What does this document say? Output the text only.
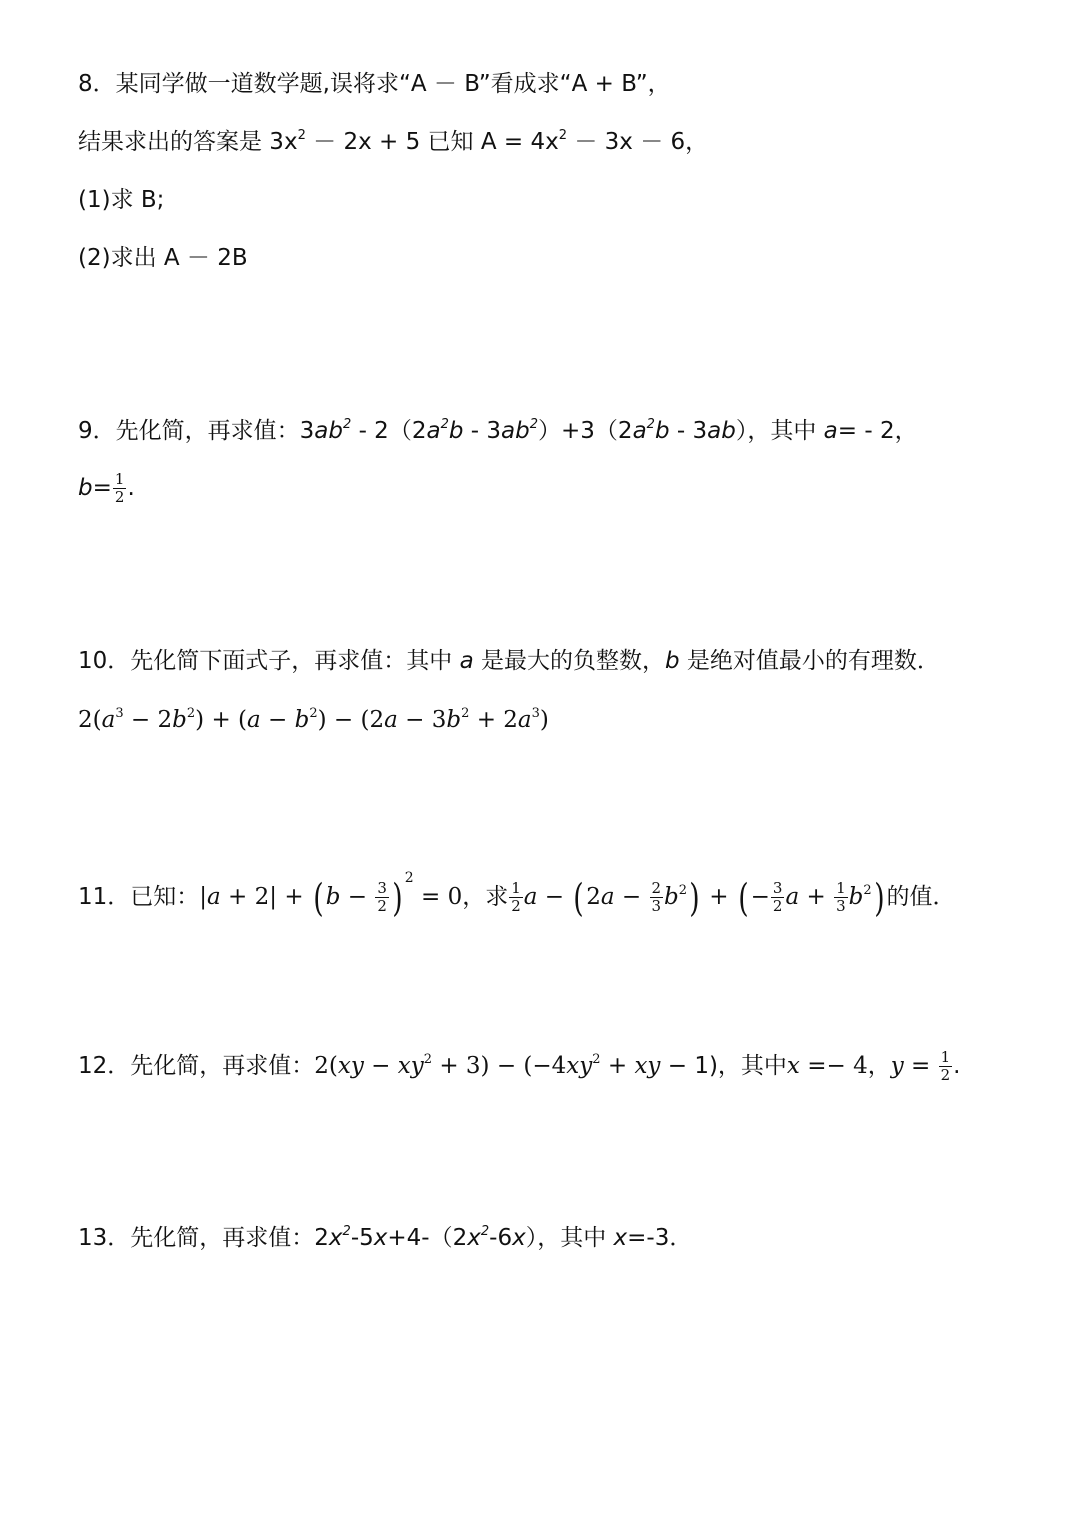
8．某同学做一道数学题,误将求“A － B”看成求“A + B”，

结果求出的答案是 $3x^2 - 2x + 5$ 已知 $A = 4x^2 - 3x - 6$，

(1)求 B;

(2)求出 A － 2B

9．先化简，再求值：$3ab^2 - 2(2a^2b - 3ab^2)+3(2a^2b - 3ab)$，其中 a= - 2，

$b= \frac{1}{2}$ .

10．先化简下面式子，再求值：其中 a 是最大的负整数，b 是绝对值最小的有理数．

$2(a^3 - 2b^2) + (a - b^2) - (2a - 3b^2 + 2a^3)$

11．已知：$|a + 2| + (b - \frac{3}{2}$ ) $^2$ = 0，求 $\frac{1}{2}$ $a - (2a - \frac{2}{3} b^2)$ + (− $\frac{3}{2}$ $a + \frac{1}{3} b^2$)的值．

12．先化简，再求值：$2(xy - xy^2 + 3) - (-4xy^2$ + xy − 1)，其中x =− 4，$y = \frac{1}{2}$ .

13．先化简，再求值：$2x^2-5x+4-(2x^2-6x)$，其中 x=-3．
